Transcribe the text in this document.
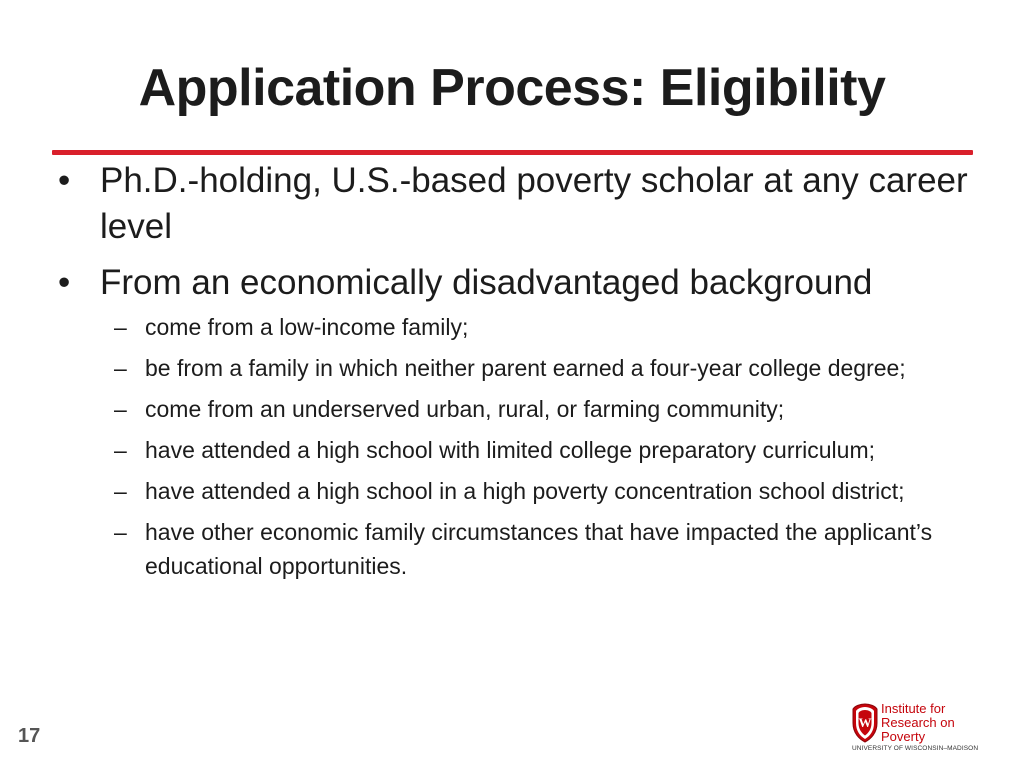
Application Process: Eligibility
• Ph.D.-holding, U.S.-based poverty scholar at any career level
• From an economically disadvantaged background
– come from a low-income family;
– be from a family in which neither parent earned a four-year college degree;
– come from an underserved urban, rural, or farming community;
– have attended a high school with limited college preparatory curriculum;
– have attended a high school in a high poverty concentration school district;
– have other economic family circumstances that have impacted the applicant’s educational opportunities.
17
W
Institute for
Research on
Poverty
UNIVERSITY OF WISCONSIN–MADISON
